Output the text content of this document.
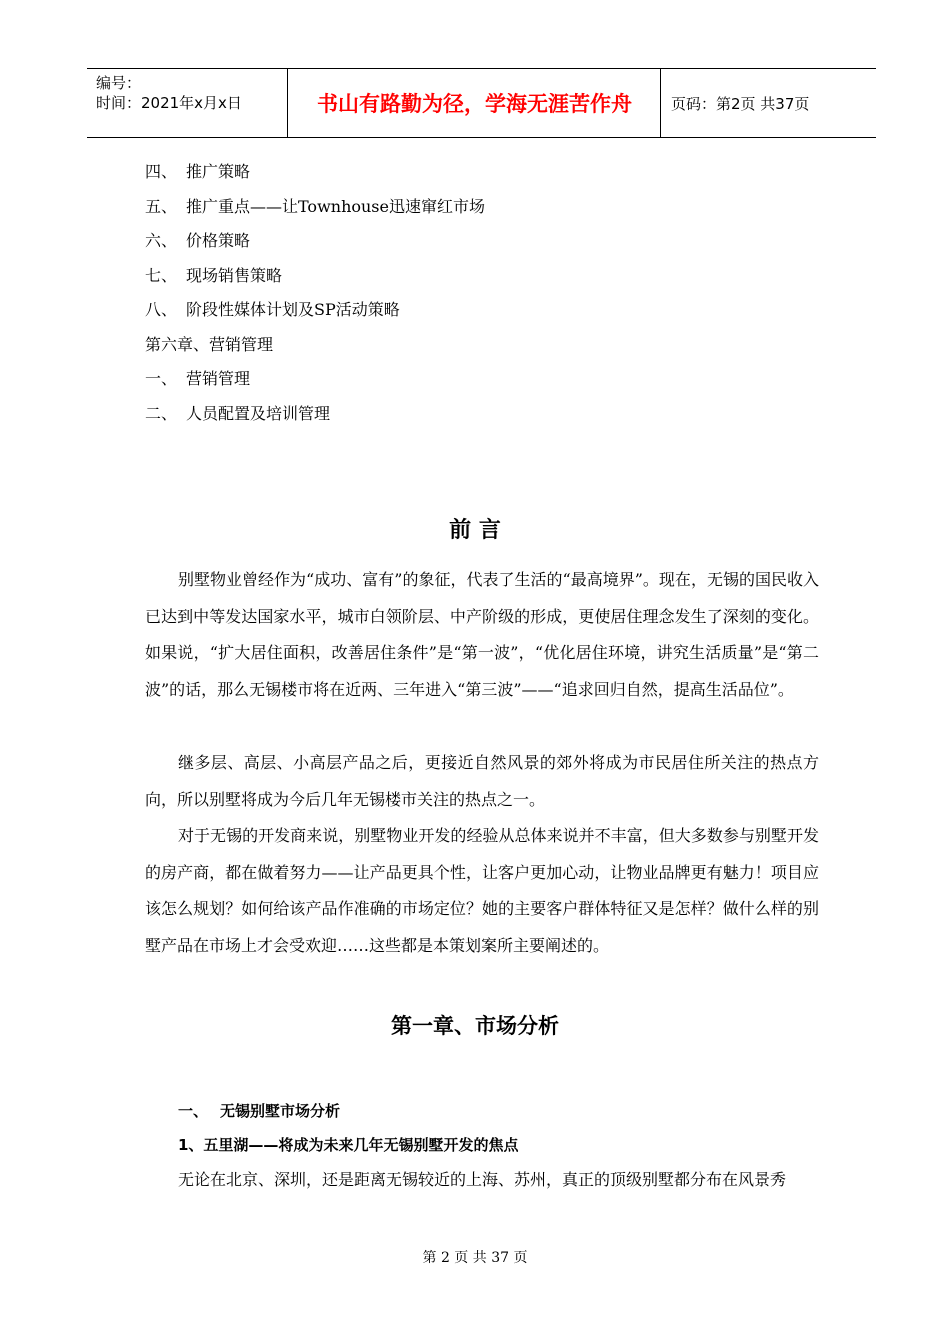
编号：
时间：2021年x月x日	书山有路勤为径，学海无涯苦作舟	页码：第2页 共37页
四、 推广策略
五、 推广重点——让Townhouse迅速窜红市场
六、 价格策略
七、 现场销售策略
八、 阶段性媒体计划及SP活动策略
第六章、营销管理
一、 营销管理
二、 人员配置及培训管理
前 言
别墅物业曾经作为“成功、富有”的象征，代表了生活的“最高境界”。现在，无锡的国民收入已达到中等发达国家水平，城市白领阶层、中产阶级的形成，更使居住理念发生了深刻的变化。如果说，“扩大居住面积，改善居住条件”是“第一波”，“优化居住环境，讲究生活质量”是“第二波”的话，那么无锡楼市将在近两、三年进入“第三波”——“追求回归自然，提高生活品位”。
继多层、高层、小高层产品之后，更接近自然风景的郊外将成为市民居住所关注的热点方向，所以别墅将成为今后几年无锡楼市关注的热点之一。
对于无锡的开发商来说，别墅物业开发的经验从总体来说并不丰富，但大多数参与别墅开发的房产商，都在做着努力——让产品更具个性，让客户更加心动，让物业品牌更有魅力！项目应该怎么规划？如何给该产品作准确的市场定位？她的主要客户群体特征又是怎样？做什么样的别墅产品在市场上才会受欢迎……这些都是本策划案所主要阐述的。
第一章、市场分析
一、 无锡别墅市场分析
1、五里湖——将成为未来几年无锡别墅开发的焦点
无论在北京、深圳，还是距离无锡较近的上海、苏州，真正的顶级别墅都分布在风景秀
第 2 页 共 37 页
